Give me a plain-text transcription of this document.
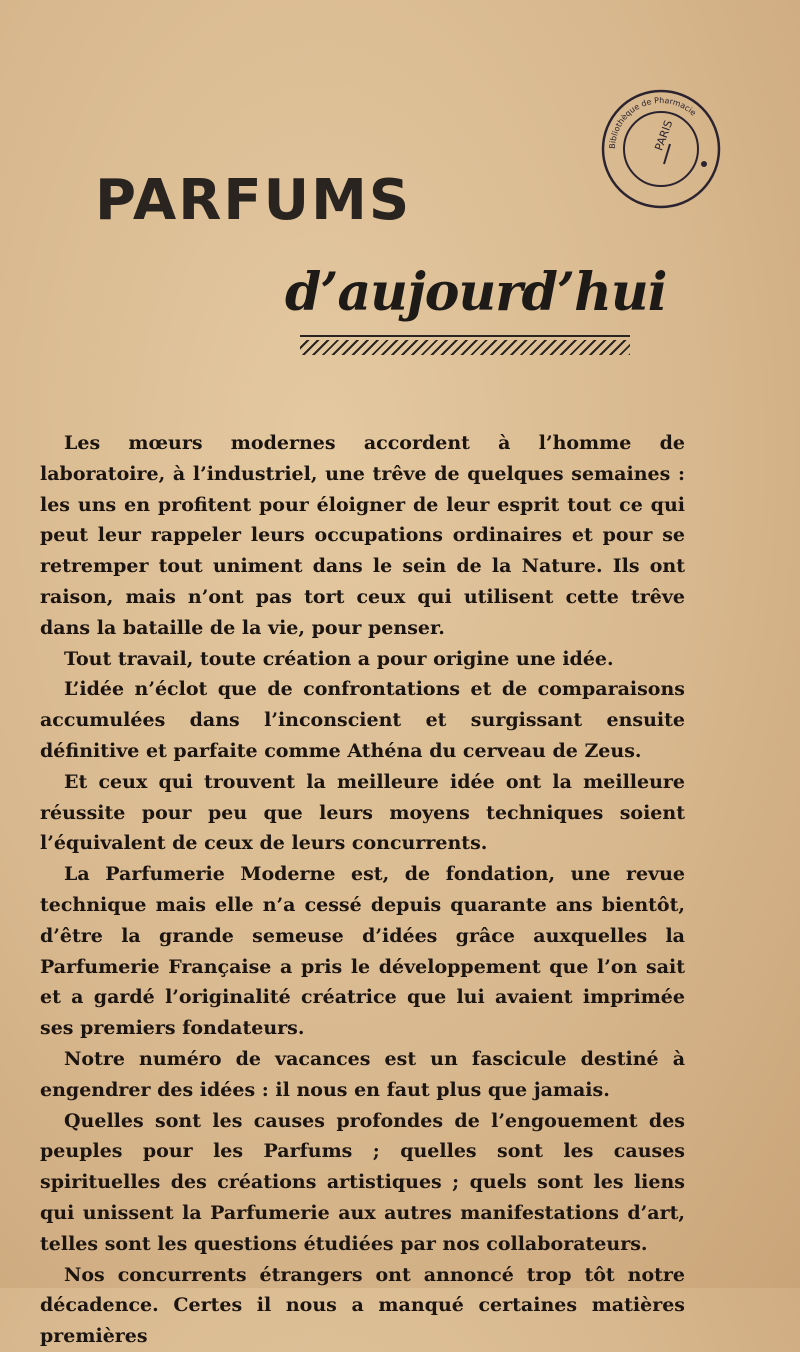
Bibliothèque de Pharmacie
PARIS
PARFUMS
d’aujourd’hui

Les mœurs modernes accordent à l’homme de laboratoire, à l’industriel, une trêve de quelques semaines : les uns en profitent pour éloigner de leur esprit tout ce qui peut leur rappeler leurs occupations ordinaires et pour se retremper tout uniment dans le sein de la Nature. Ils ont raison, mais n’ont pas tort ceux qui utilisent cette trêve dans la bataille de la vie, pour penser.

Tout travail, toute création a pour origine une idée.

L’idée n’éclot que de confrontations et de comparaisons accumulées dans l’inconscient et surgissant ensuite définitive et parfaite comme Athéna du cerveau de Zeus.

Et ceux qui trouvent la meilleure idée ont la meilleure réussite pour peu que leurs moyens techniques soient l’équivalent de ceux de leurs concurrents.

La Parfumerie Moderne est, de fondation, une revue technique mais elle n’a cessé depuis quarante ans bientôt, d’être la grande semeuse d’idées grâce auxquelles la Parfumerie Française a pris le développement que l’on sait et a gardé l’originalité créatrice que lui avaient imprimée ses premiers fondateurs.

Notre numéro de vacances est un fascicule destiné à engendrer des idées : il nous en faut plus que jamais.

Quelles sont les causes profondes de l’engouement des peuples pour les Parfums ; quelles sont les causes spirituelles des créations artistiques ; quels sont les liens qui unissent la Parfumerie aux autres manifestations d’art, telles sont les questions étudiées par nos collaborateurs.

Nos concurrents étrangers ont annoncé trop tôt notre décadence. Certes il nous a manqué certaines matières premières
